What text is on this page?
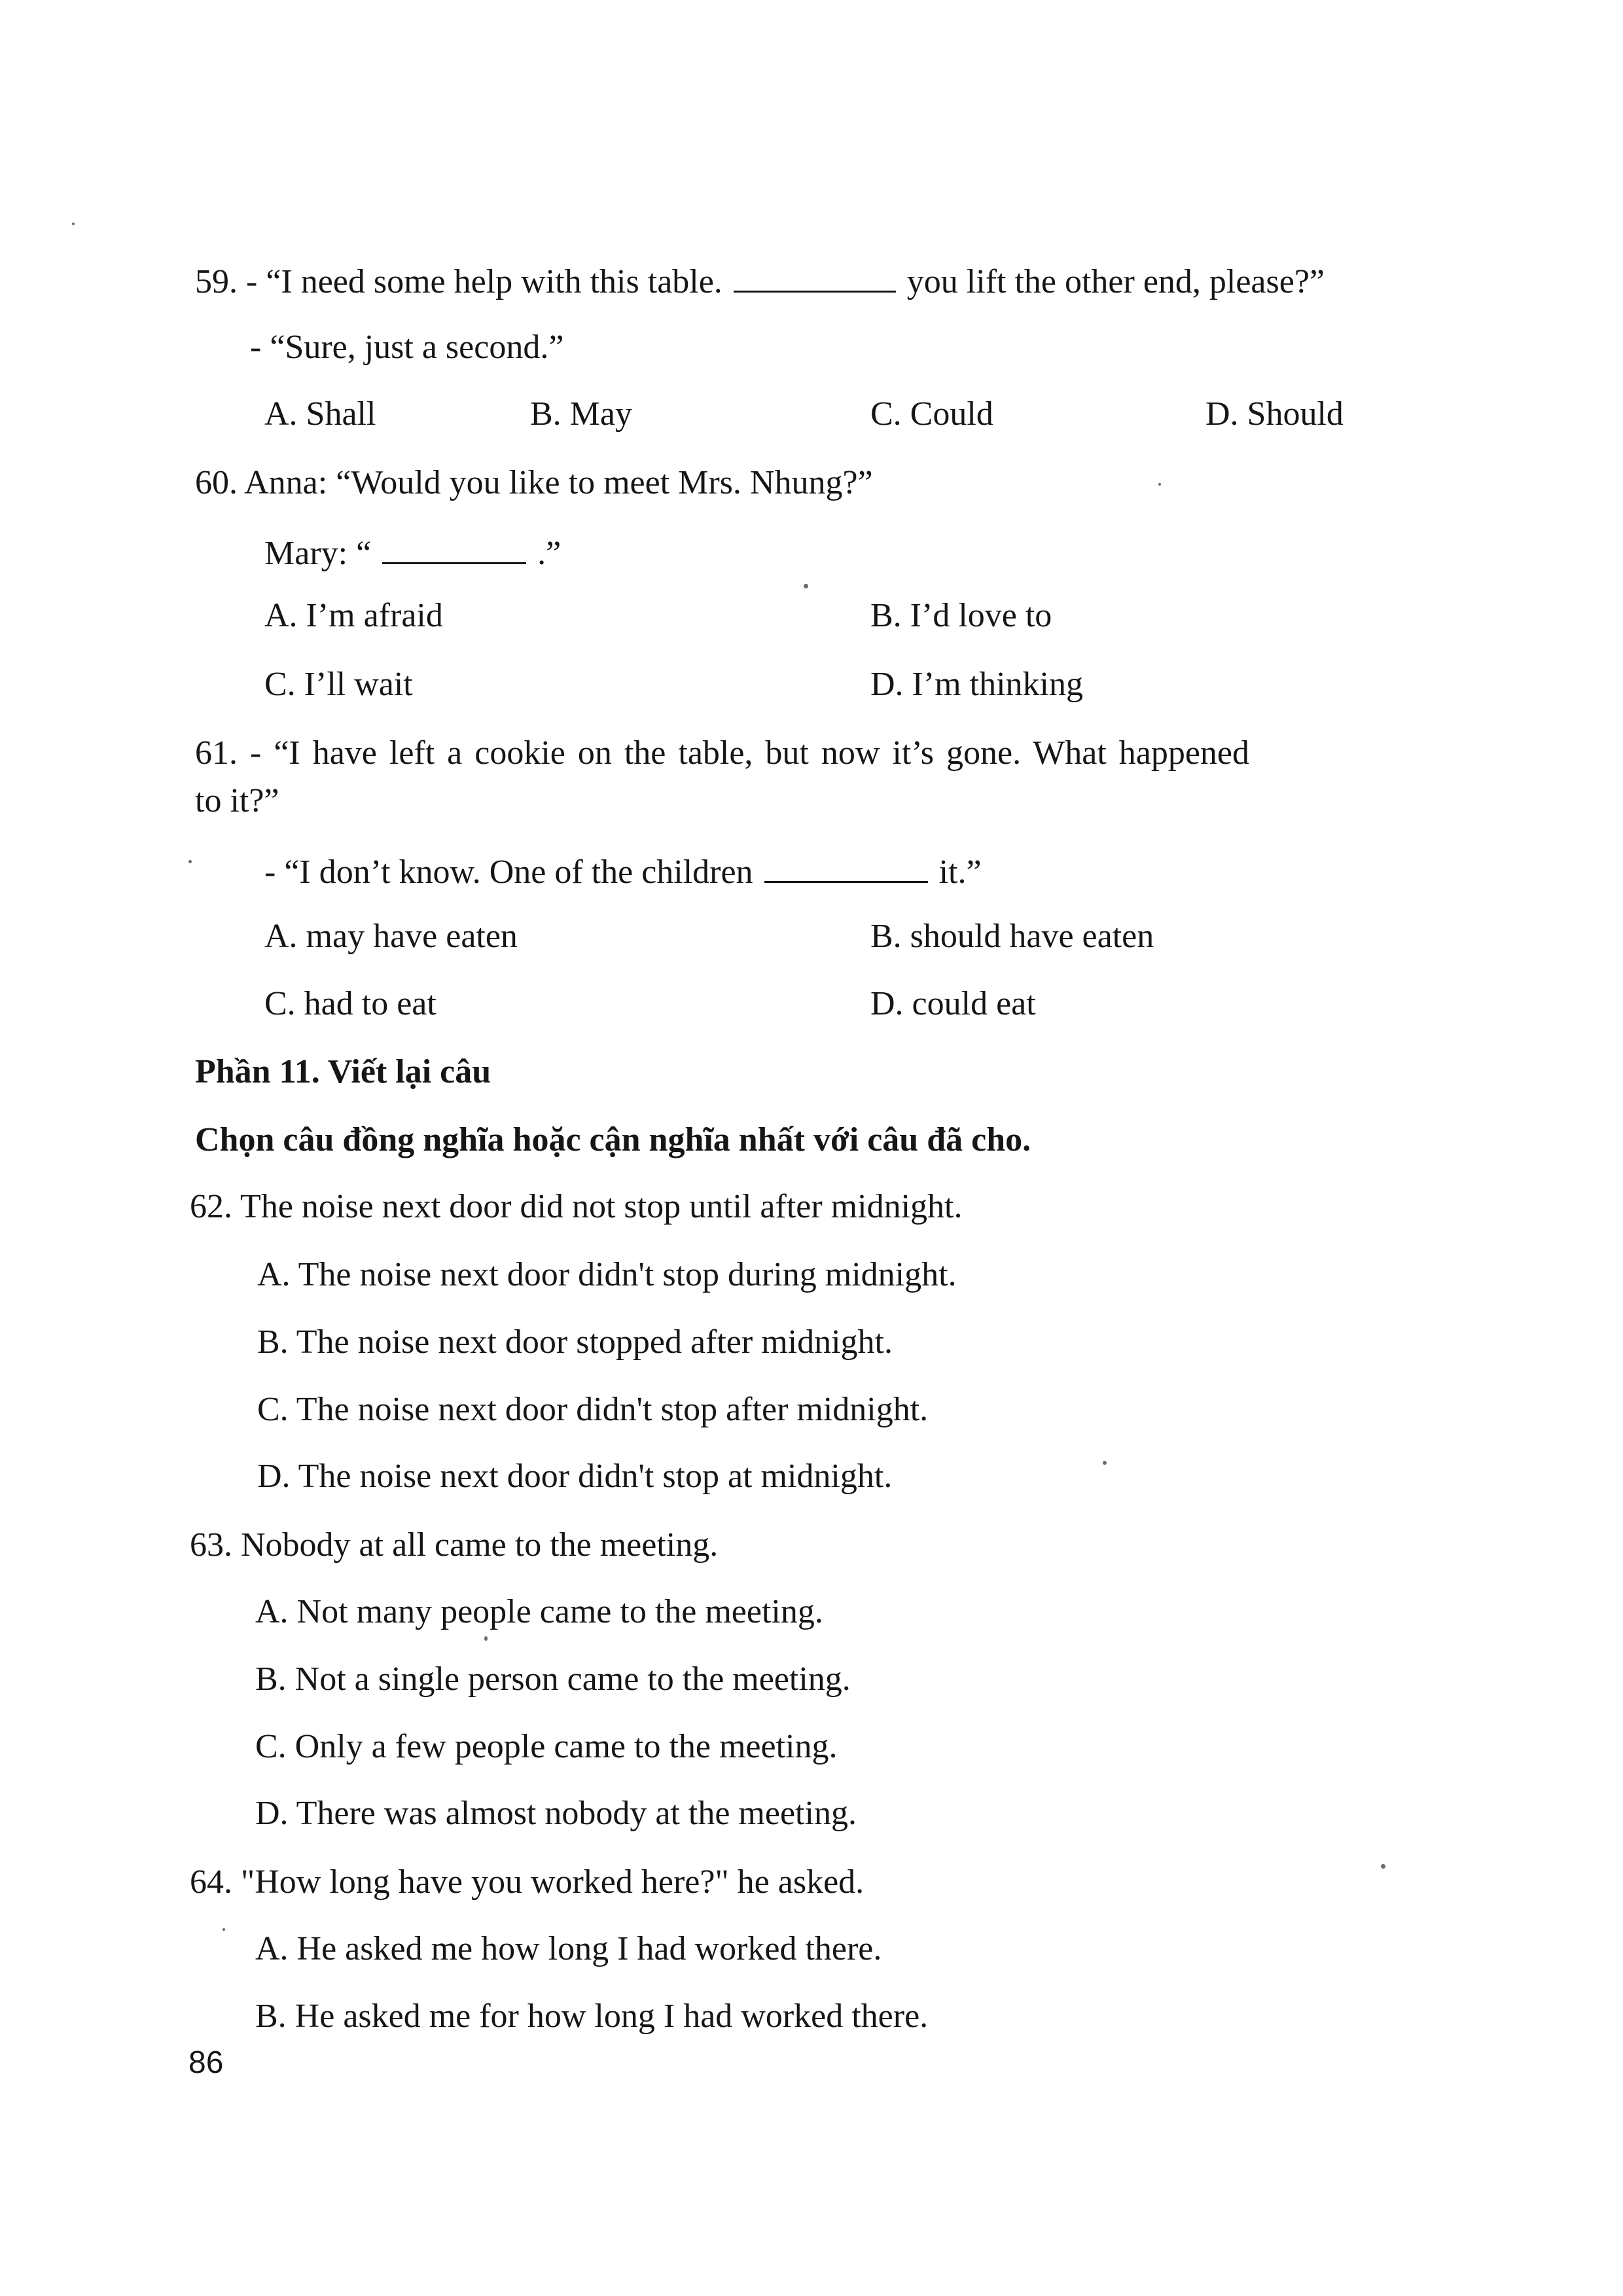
59. - “I need some help with this table.	you lift the other end, please?”
- “Sure, just a second.”
A. Shall	B. May	C. Could	D. Should
60. Anna: “Would you like to meet Mrs. Nhung?”
Mary: “	.”
A. I’m afraid	B. I’d love to
C. I’ll wait	D. I’m thinking
61. - “I have left a cookie on the table, but now it’s gone. What happened
to it?”
- “I don’t know. One of the children	it.”
A. may have eaten	B. should have eaten
C. had to eat	D. could eat
Phần 11. Viết lại câu
Chọn câu đồng nghĩa hoặc cận nghĩa nhất với câu đã cho.
62. The noise next door did not stop until after midnight.
A. The noise next door didn't stop during midnight.
B. The noise next door stopped after midnight.
C. The noise next door didn't stop after midnight.
D. The noise next door didn't stop at midnight.
63. Nobody at all came to the meeting.
A. Not many people came to the meeting.
B. Not a single person came to the meeting.
C. Only a few people came to the meeting.
D. There was almost nobody at the meeting.
64. "How long have you worked here?" he asked.
A. He asked me how long I had worked there.
B. He asked me for how long I had worked there.
86
